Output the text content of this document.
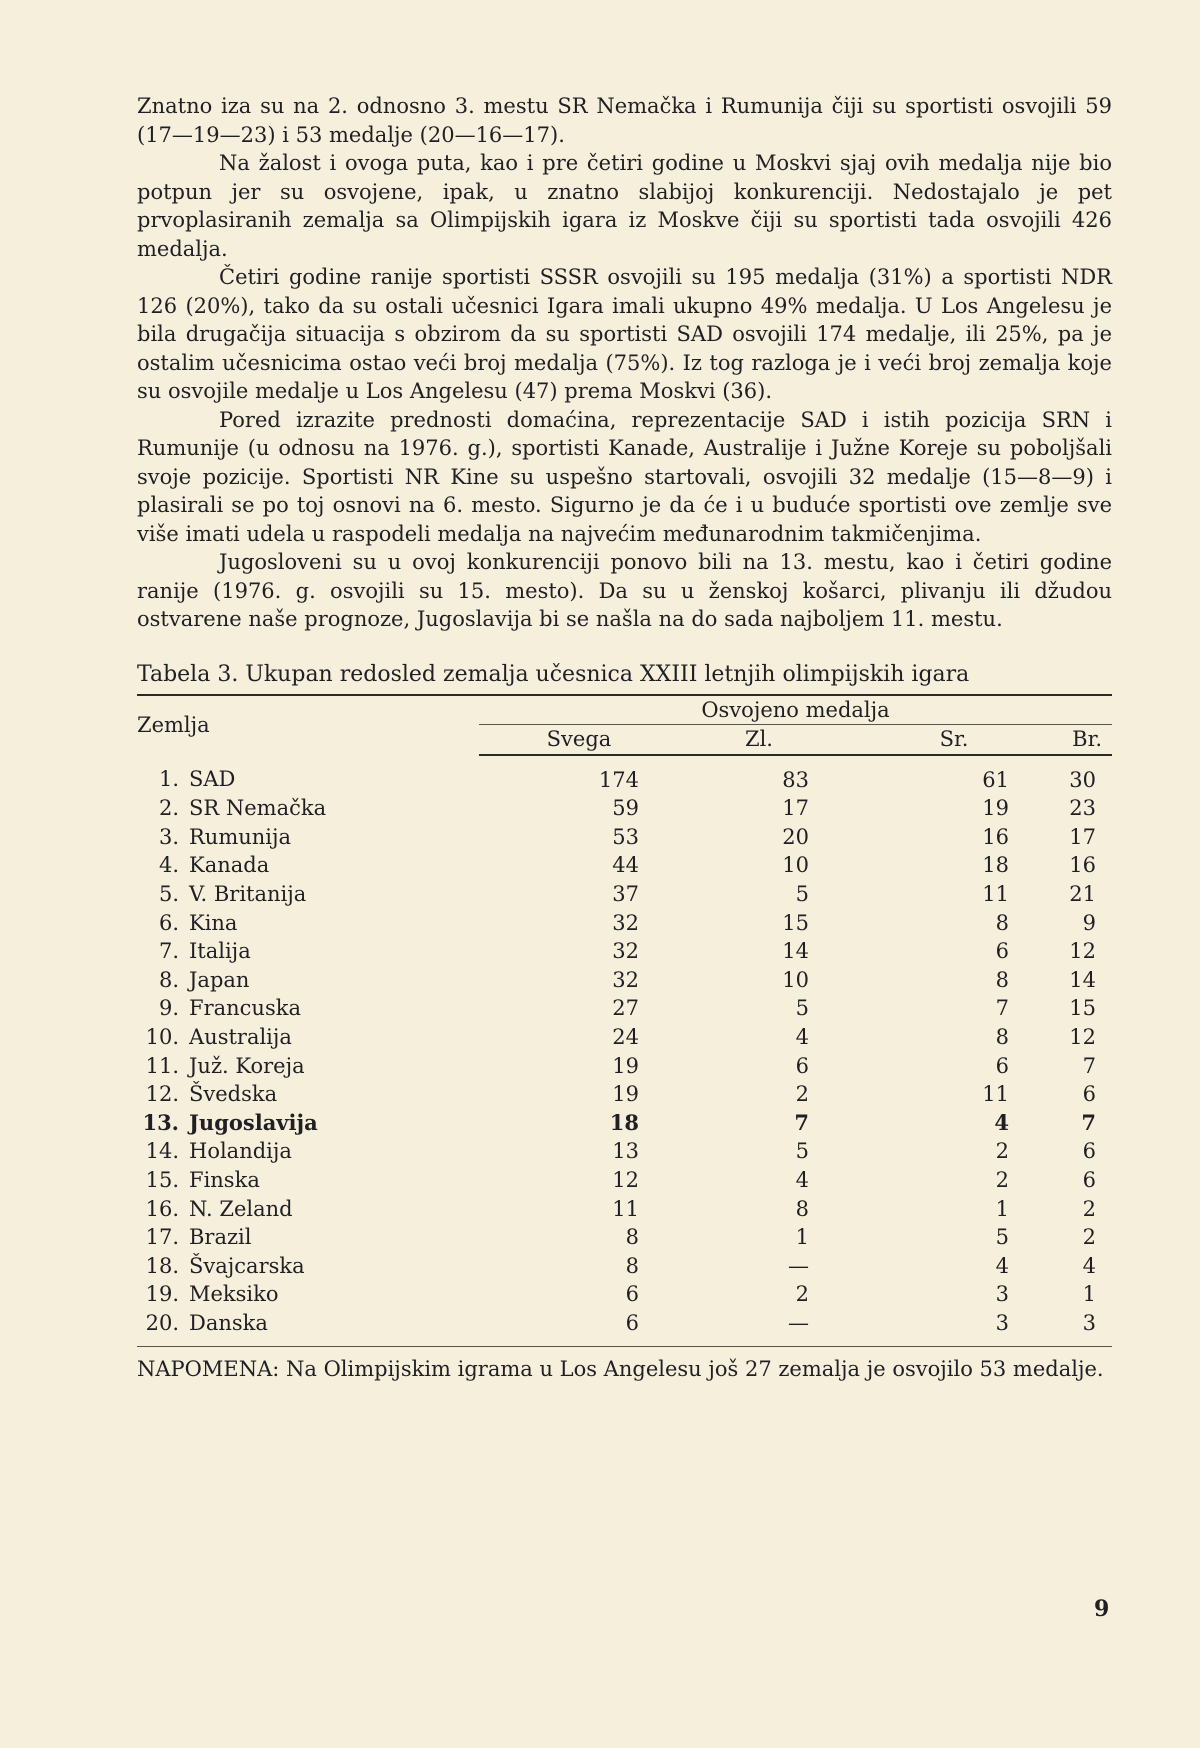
Znatno iza su na 2. odnosno 3. mestu SR Nemačka i Rumunija čiji su sportisti osvojili 59 (17—19—23) i 53 medalje (20—16—17).

Na žalost i ovoga puta, kao i pre četiri godine u Moskvi sjaj ovih medalja nije bio potpun jer su osvojene, ipak, u znatno slabijoj konkurenciji. Nedostajalo je pet prvoplasiranih zemalja sa Olimpijskih igara iz Moskve čiji su sportisti tada osvojili 426 medalja.

Četiri godine ranije sportisti SSSR osvojili su 195 medalja (31%) a sportisti NDR 126 (20%), tako da su ostali učesnici Igara imali ukupno 49% medalja. U Los Angelesu je bila drugačija situacija s obzirom da su sportisti SAD osvojili 174 medalje, ili 25%, pa je ostalim učesnicima ostao veći broj medalja (75%). Iz tog razloga je i veći broj zemalja koje su osvojile medalje u Los Angelesu (47) prema Moskvi (36).

Pored izrazite prednosti domaćina, reprezentacije SAD i istih pozicija SRN i Rumunije (u odnosu na 1976. g.), sportisti Kanade, Australije i Južne Koreje su poboljšali svoje pozicije. Sportisti NR Kine su uspešno startovali, osvojili 32 medalje (15—8—9) i plasirali se po toj osnovi na 6. mesto. Sigurno je da će i u buduće sportisti ove zemlje sve više imati udela u raspodeli medalja na najvećim međunarodnim takmičenjima.

Jugosloveni su u ovoj konkurenciji ponovo bili na 13. mestu, kao i četiri godine ranije (1976. g. osvojili su 15. mesto). Da su u ženskoj košarci, plivanju ili džudou ostvarene naše prognoze, Jugoslavija bi se našla na do sada najboljem 11. mestu.

Tabela 3. Ukupan redosled zemalja učesnica XXIII letnjih olimpijskih igara
Zemlja		Osvojeno medalja			
		Svega	Zl.	Sr.	Br.
1.	SAD	174	83	61	30
2.	SR Nemačka	59	17	19	23
3.	Rumunija	53	20	16	17
4.	Kanada	44	10	18	16
5.	V. Britanija	37	5	11	21
6.	Kina	32	15	8	9
7.	Italija	32	14	6	12
8.	Japan	32	10	8	14
9.	Francuska	27	5	7	15
10.	Australija	24	4	8	12
11.	Juž. Koreja	19	6	6	7
12.	Švedska	19	2	11	6
13.	Jugoslavija	18	7	4	7
14.	Holandija	13	5	2	6
15.	Finska	12	4	2	6
16.	N. Zeland	11	8	1	2
17.	Brazil	8	1	5	2
18.	Švajcarska	8	—	4	4
19.	Meksiko	6	2	3	1
20.	Danska	6	—	3	3
NAPOMENA: Na Olimpijskim igrama u Los Angelesu još 27 zemalja je osvojilo 53 medalje.
9
